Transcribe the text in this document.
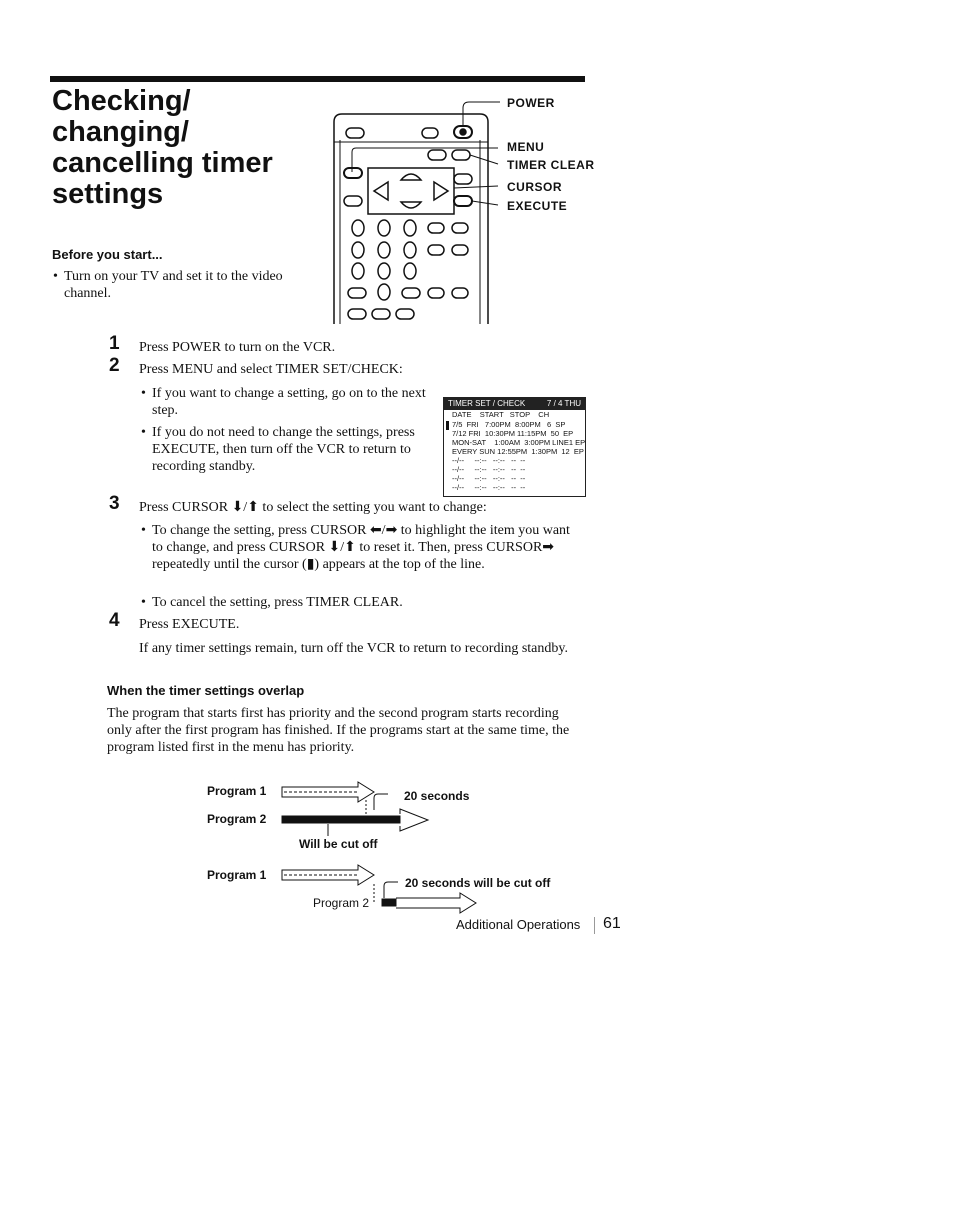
Checking/ changing/ cancelling timer settings
Before you start...
• Turn on your TV and set it to the video channel.
POWER
MENU
TIMER CLEAR
CURSOR
EXECUTE
1 Press POWER to turn on the VCR.
2 Press MENU and select TIMER SET/CHECK:
• If you want to change a setting, go on to the next step.
• If you do not need to change the settings, press EXECUTE, then turn off the VCR to return to recording standby.
TIMER SET / CHECK	7 / 4 THU
DATE    START   STOP    CH
7/5  FRI   7:00PM  8:00PM   6  SP
7/12 FRI  10:30PM 11:15PM  50  EP
MON-SAT    1:00AM  3:00PM LINE1 EP
EVERY SUN 12:55PM  1:30PM  12  EP
--/--     --:--   --:--   --  --
--/--     --:--   --:--   --  --
--/--     --:--   --:--   --  --
--/--     --:--   --:--   --  --
3 Press CURSOR ⬇/⬆ to select the setting you want to change:
• To change the setting, press CURSOR ⬅/➡ to highlight the item you want to change, and press CURSOR ⬇/⬆ to reset it. Then, press CURSOR➡ repeatedly until the cursor (▮) appears at the top of the line.
• To cancel the setting, press TIMER CLEAR.
4 Press EXECUTE.
If any timer settings remain, turn off the VCR to return to recording standby.
When the timer settings overlap
The program that starts first has priority and the second program starts recording only after the first program has finished. If the programs start at the same time, the program listed first in the menu has priority.
Program 1
Program 2
20 seconds
Will be cut off
Program 1
20 seconds will be cut off
Program 2
Additional Operations 61
